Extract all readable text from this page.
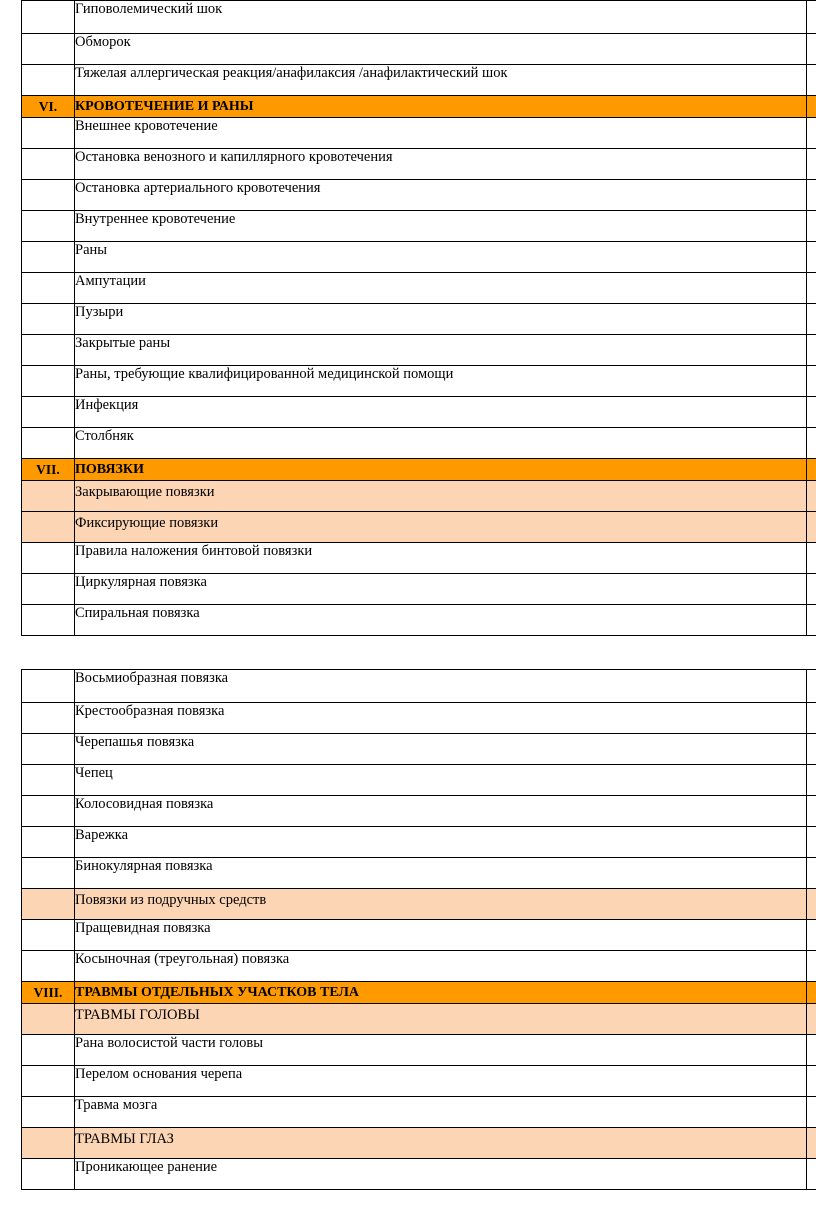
	Гиповолемический шок	
	Обморок	
	Тяжелая аллергическая реакция/анафилаксия /анафилактический шок	
VI.	КРОВОТЕЧЕНИЕ И РАНЫ	
	Внешнее кровотечение	
	Остановка венозного и капиллярного кровотечения	
	Остановка артериального кровотечения	
	Внутреннее кровотечение	
	Раны	
	Ампутации	
	Пузыри	
	Закрытые раны	
	Раны, требующие квалифицированной медицинской помощи	
	Инфекция	
	Столбняк	
VII.	ПОВЯЗКИ	
	Закрывающие повязки	
	Фиксирующие повязки	
	Правила наложения бинтовой повязки	
	Циркулярная повязка	
	Спиральная повязка	
	Восьмиобразная повязка	
	Крестообразная повязка	
	Черепашья повязка	
	Чепец	
	Колосовидная повязка	
	Варежка	
	Бинокулярная повязка	
	Повязки из подручных средств	
	Пращевидная повязка	
	Косыночная (треугольная) повязка	
VIII.	ТРАВМЫ ОТДЕЛЬНЫХ УЧАСТКОВ ТЕЛА	
	ТРАВМЫ ГОЛОВЫ	
	Рана волосистой части головы	
	Перелом основания черепа	
	Травма мозга	
	ТРАВМЫ ГЛАЗ	
	Проникающее ранение	
